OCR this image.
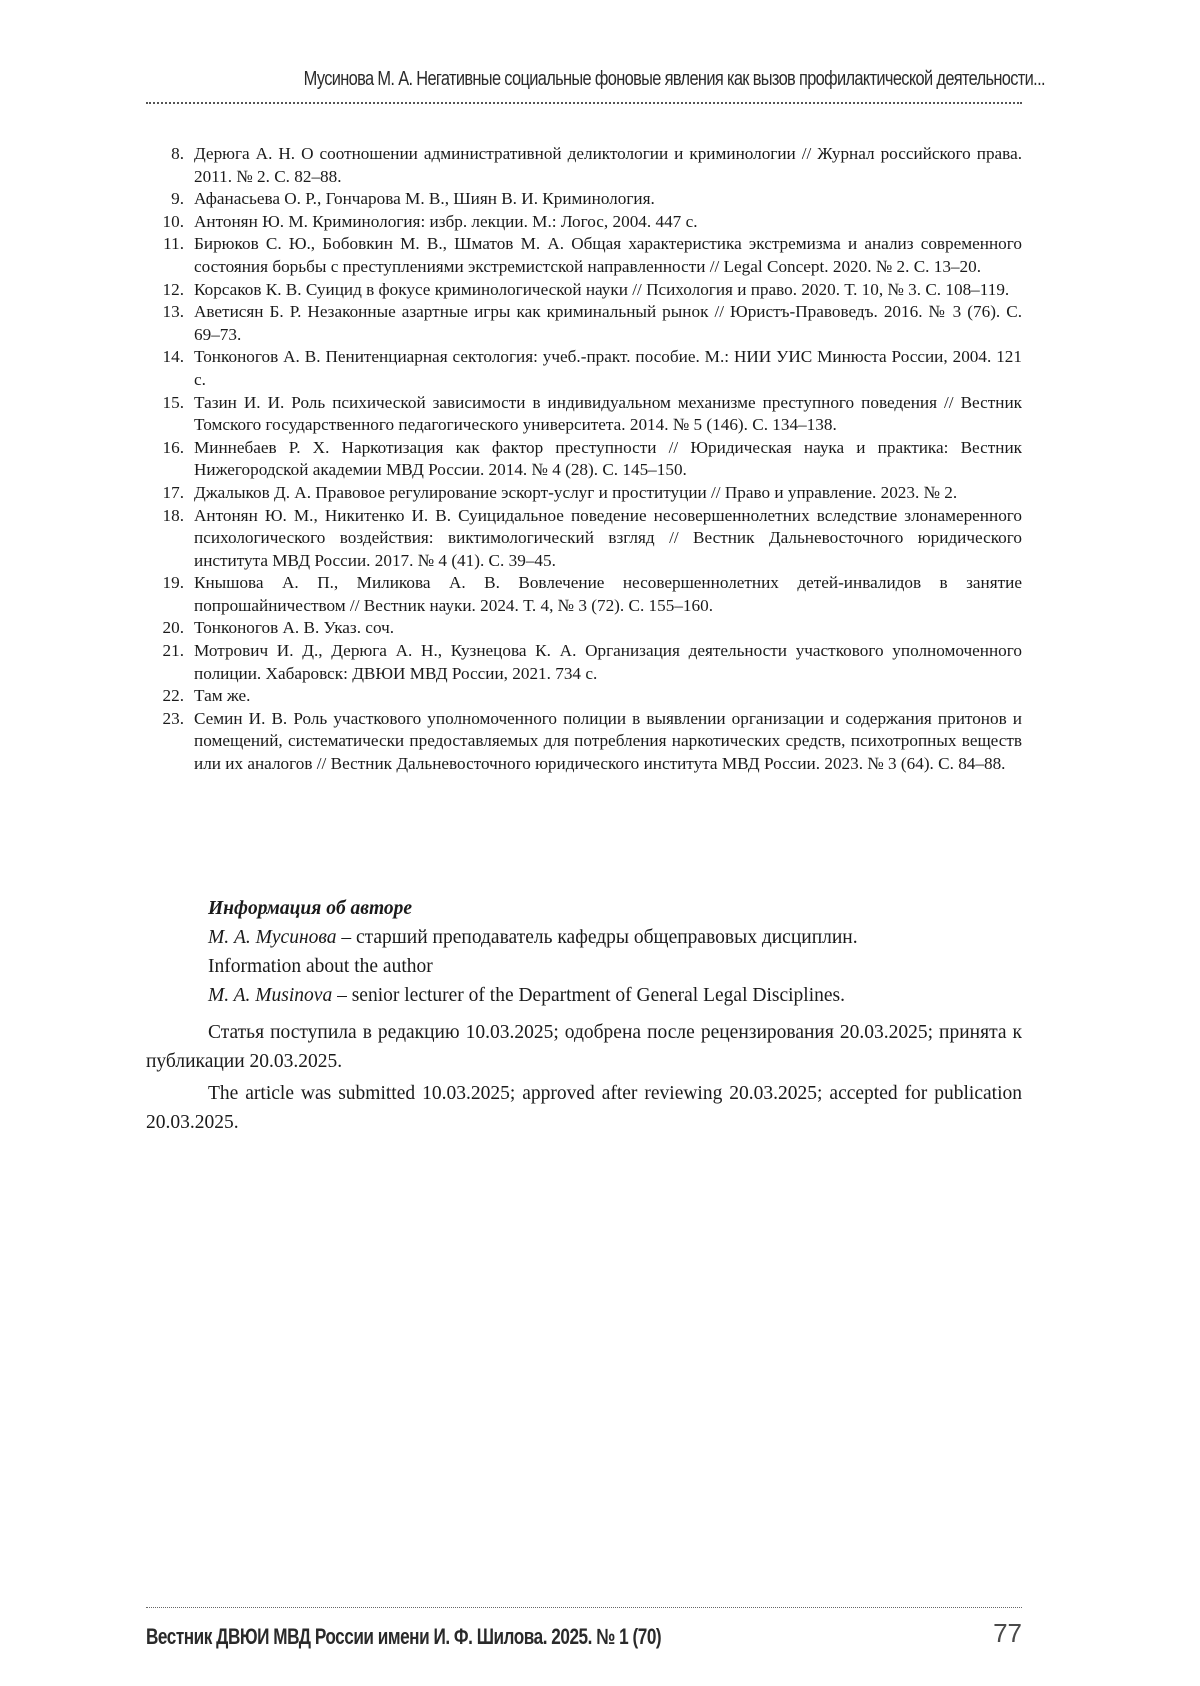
Мусинова М. А. Негативные социальные фоновые явления как вызов профилактической деятельности...
8. Дерюга А. Н. О соотношении административной деликтологии и криминологии // Журнал российского права. 2011. № 2. С. 82–88.
9. Афанасьева О. Р., Гончарова М. В., Шиян В. И. Криминология.
10. Антонян Ю. М. Криминология: избр. лекции. М.: Логос, 2004. 447 с.
11. Бирюков С. Ю., Бобовкин М. В., Шматов М. А. Общая характеристика экстремизма и анализ современного состояния борьбы с преступлениями экстремистской направленности // Legal Concept. 2020. № 2. С. 13–20.
12. Корсаков К. В. Суицид в фокусе криминологической науки // Психология и право. 2020. Т. 10, № 3. С. 108–119.
13. Аветисян Б. Р. Незаконные азартные игры как криминальный рынок // Юристъ-Правоведъ. 2016. № 3 (76). С. 69–73.
14. Тонконогов А. В. Пенитенциарная сектология: учеб.-практ. пособие. М.: НИИ УИС Минюста России, 2004. 121 с.
15. Тазин И. И. Роль психической зависимости в индивидуальном механизме преступного поведения // Вестник Томского государственного педагогического университета. 2014. № 5 (146). С. 134–138.
16. Миннебаев Р. Х. Наркотизация как фактор преступности // Юридическая наука и практика: Вестник Нижегородской академии МВД России. 2014. № 4 (28). С. 145–150.
17. Джалыков Д. А. Правовое регулирование эскорт-услуг и проституции // Право и управление. 2023. № 2.
18. Антонян Ю. М., Никитенко И. В. Суицидальное поведение несовершеннолетних вследствие злонамеренного психологического воздействия: виктимологический взгляд // Вестник Дальневосточного юридического института МВД России. 2017. № 4 (41). С. 39–45.
19. Кнышова А. П., Миликова А. В. Вовлечение несовершеннолетних детей-инвалидов в занятие попрошайничеством // Вестник науки. 2024. Т. 4, № 3 (72). С. 155–160.
20. Тонконогов А. В. Указ. соч.
21. Мотрович И. Д., Дерюга А. Н., Кузнецова К. А. Организация деятельности участкового уполномоченного полиции. Хабаровск: ДВЮИ МВД России, 2021. 734 с.
22. Там же.
23. Семин И. В. Роль участкового уполномоченного полиции в выявлении организации и содержания притонов и помещений, систематически предоставляемых для потребления наркотических средств, психотропных веществ или их аналогов // Вестник Дальневосточного юридического института МВД России. 2023. № 3 (64). С. 84–88.
Информация об авторе
М. А. Мусинова – старший преподаватель кафедры общеправовых дисциплин.
Information about the author
M. A. Musinova – senior lecturer of the Department of General Legal Disciplines.

Статья поступила в редакцию 10.03.2025; одобрена после рецензирования 20.03.2025; принята к публикации 20.03.2025.

The article was submitted 10.03.2025; approved after reviewing 20.03.2025; accepted for publication 20.03.2025.

Вестник ДВЮИ МВД России имени И. Ф. Шилова. 2025. № 1 (70)	77
